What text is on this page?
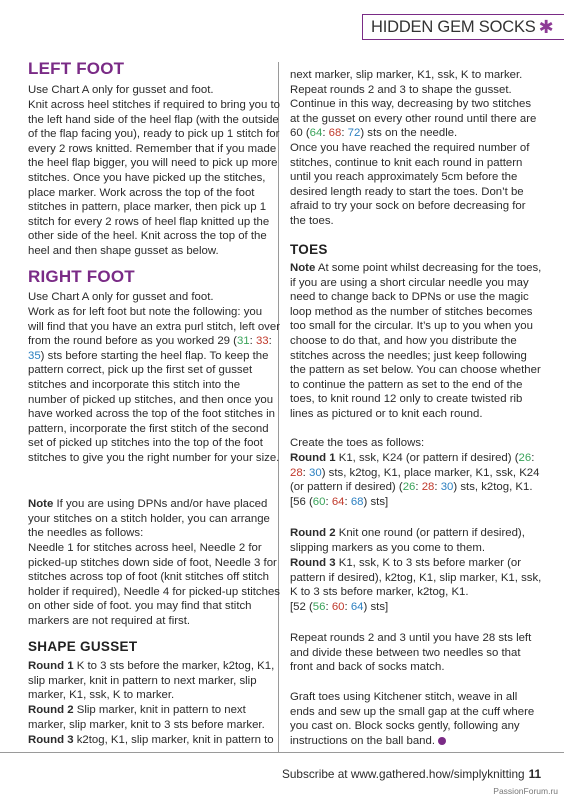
HIDDEN GEM SOCKS ✱
LEFT FOOT

Use Chart A only for gusset and foot.

Knit across heel stitches if required to bring you to the left hand side of the heel flap (with the outside of the flap facing you), ready to pick up 1 stitch for every 2 rows knitted. Remember that if you made the heel flap bigger, you will need to pick up more stitches. Once you have picked up the stitches, place marker. Work across the top of the foot stitches in pattern, place marker, then pick up 1 stitch for every 2 rows of heel flap knitted up the other side of the heel. Knit across the top of the heel and then shape gusset as below.

RIGHT FOOT

Use Chart A only for gusset and foot.

Work as for left foot but note the following: you will find that you have an extra purl stitch, left over from the round before as you worked 29 (31: 33: 35) sts before starting the heel flap. To keep the pattern correct, pick up the first set of gusset stitches and incorporate this stitch into the number of picked up stitches, and then once you have worked across the top of the foot stitches in pattern, incorporate the first stitch of the second set of picked up stitches into the top of the foot stitches to give you the right number for your size.

Note If you are using DPNs and/or have placed your stitches on a stitch holder, you can arrange the needles as follows:

Needle 1 for stitches across heel, Needle 2 for picked-up stitches down side of foot, Needle 3 for stitches across top of foot (knit stitches off stitch holder if required), Needle 4 for picked-up stitches on other side of foot. you may find that stitch markers are not required at first.

SHAPE GUSSET

Round 1 K to 3 sts before the marker, k2tog, K1, slip marker, knit in pattern to next marker, slip marker, K1, ssk, K to marker.

Round 2 Slip marker, knit in pattern to next marker, slip marker, knit to 3 sts before marker.

Round 3 k2tog, K1, slip marker, knit in pattern to

next marker, slip marker, K1, ssk, K to marker. Repeat rounds 2 and 3 to shape the gusset. Continue in this way, decreasing by two stitches at the gusset on every other round until there are 60 (64: 68: 72) sts on the needle.

Once you have reached the required number of stitches, continue to knit each round in pattern until you reach approximately 5cm before the desired length ready to start the toes. Don’t be afraid to try your sock on before decreasing for the toes.

TOES

Note At some point whilst decreasing for the toes, if you are using a short circular needle you may need to change back to DPNs or use the magic loop method as the number of stitches becomes too small for the circular. It’s up to you when you choose to do that, and how you distribute the stitches across the needles; just keep following the pattern as set below. You can choose whether to continue the pattern as set to the end of the toes, to knit round 12 only to create twisted rib lines as pictured or to knit each round.

Create the toes as follows:

Round 1 K1, ssk, K24 (or pattern if desired) (26: 28: 30) sts, k2tog, K1, place marker, K1, ssk, K24 (or pattern if desired) (26: 28: 30) sts, k2tog, K1.
[56 (60: 64: 68) sts]

Round 2 Knit one round (or pattern if desired), slipping markers as you come to them.

Round 3 K1, ssk, K to 3 sts before marker (or pattern if desired), k2tog, K1, slip marker, K1, ssk, K to 3 sts before marker, k2tog, K1.
[52 (56: 60: 64) sts]

Repeat rounds 2 and 3 until you have 28 sts left and divide these between two needles so that front and back of socks match.

Graft toes using Kitchener stitch, weave in all ends and sew up the small gap at the cuff where you cast on. Block socks gently, following any instructions on the ball band.

Subscribe at www.gathered.how/simplyknitting 11
PassionForum.ru
